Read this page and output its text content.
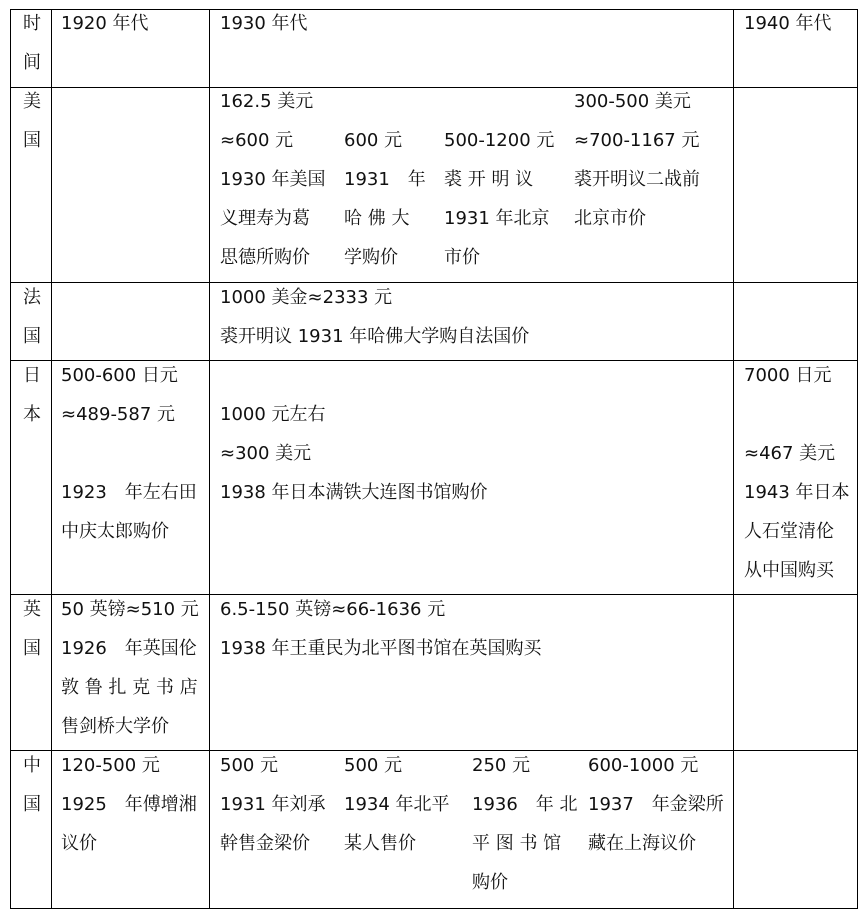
时
间
1920 年代	1930 年代	1940 年代
美
国
162.5 美元
≈600 元
1930 年美国
义理寿为葛
思德所购价
600 元
1931　年
哈 佛 大
学购价
500-1200 元
裘 开 明 议
1931 年北京
市价
300-500 美元
≈700-1167 元
裘开明议二战前
北京市价
法
国
1000 美金≈2333 元
裘开明议 1931 年哈佛大学购自法国价
日
本
500-600 日元
≈489-587 元
1923　年左右田
中庆太郎购价
1000 元左右
≈300 美元
1938 年日本满铁大连图书馆购价
7000 日元
≈467 美元
1943 年日本
人石堂清伦
从中国购买
英
国
50 英镑≈510 元
1926　年英国伦
敦 鲁 扎 克 书 店
售剑桥大学价
6.5-150 英镑≈66-1636 元
1938 年王重民为北平图书馆在英国购买
中
国
120-500 元
1925　年傅增湘
议价
500 元
1931 年刘承
幹售金梁价
500 元
1934 年北平
某人售价
250 元
1936　年 北
平 图 书 馆
购价
600-1000 元
1937　年金梁所
藏在上海议价
